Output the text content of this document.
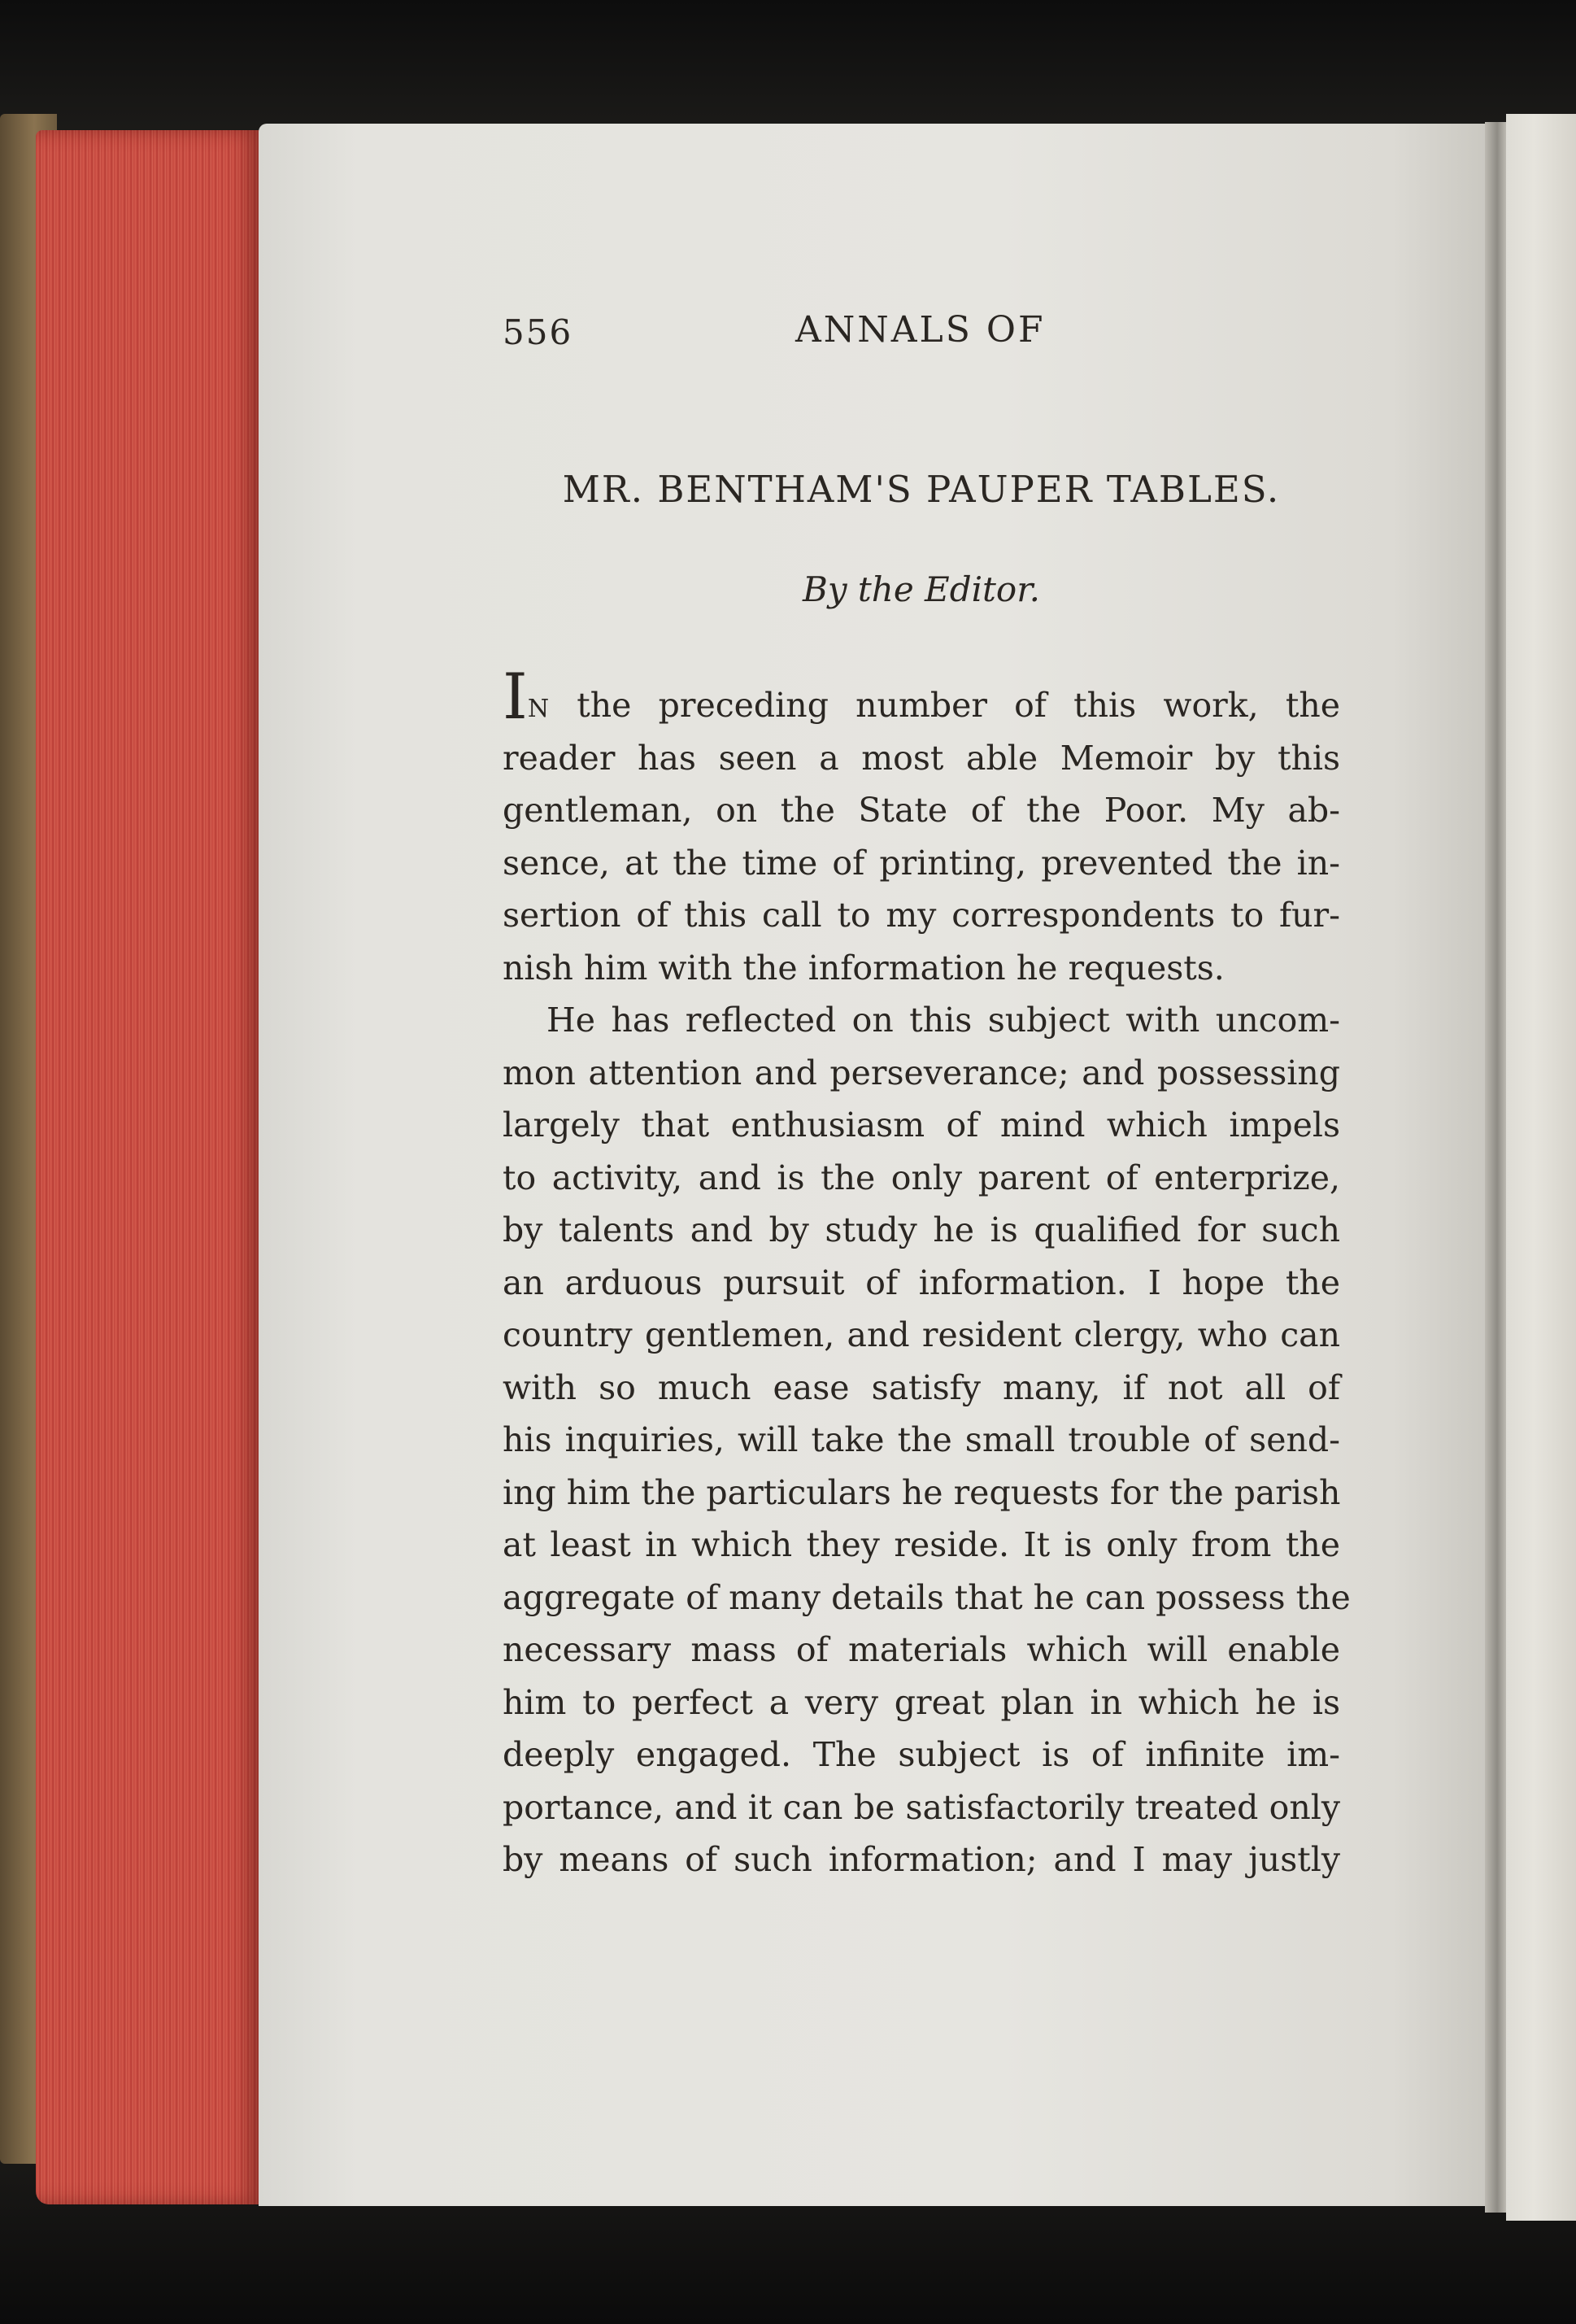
556	ANNALS OF
MR. BENTHAM'S PAUPER TABLES.
By the Editor.
IN the preceding number of this work, the
reader has seen a most able Memoir by this
gentleman, on the State of the Poor. My ab-
sence, at the time of printing, prevented the in-
sertion of this call to my correspondents to fur-
nish him with the information he requests.
He has reflected on this subject with uncom-
mon attention and perseverance; and possessing
largely that enthusiasm of mind which impels
to activity, and is the only parent of enterprize,
by talents and by study he is qualified for such
an arduous pursuit of information. I hope the
country gentlemen, and resident clergy, who can
with so much ease satisfy many, if not all of
his inquiries, will take the small trouble of send-
ing him the particulars he requests for the parish
at least in which they reside. It is only from the
aggregate of many details that he can possess the
necessary mass of materials which will enable
him to perfect a very great plan in which he is
deeply engaged. The subject is of infinite im-
portance, and it can be satisfactorily treated only
by means of such information; and I may justly
